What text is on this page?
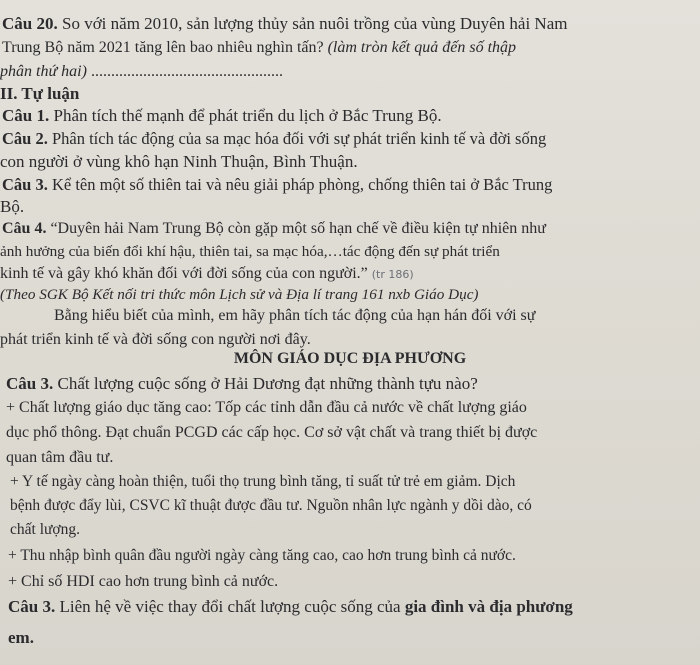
Câu 20. So với năm 2010, sản lượng thủy sản nuôi trồng của vùng Duyên hải Nam
Trung Bộ năm 2021 tăng lên bao nhiêu nghìn tấn? (làm tròn kết quả đến số thập
phân thứ hai) ................................................
II. Tự luận
Câu 1. Phân tích thế mạnh để phát triển du lịch ở Bắc Trung Bộ.
Câu 2. Phân tích tác động của sa mạc hóa đối với sự phát triển kinh tế và đời sống
con người ở vùng khô hạn Ninh Thuận, Bình Thuận.
Câu 3. Kể tên một số thiên tai và nêu giải pháp phòng, chống thiên tai ở Bắc Trung
Bộ.
Câu 4. “Duyên hải Nam Trung Bộ còn gặp một số hạn chế về điều kiện tự nhiên như
ảnh hưởng của biến đổi khí hậu, thiên tai, sa mạc hóa,…tác động đến sự phát triển
kinh tế và gây khó khăn đối với đời sống của con người.” (tr 186)
(Theo SGK Bộ Kết nối tri thức môn Lịch sử và Địa lí trang 161 nxb Giáo Dục)
Bằng hiểu biết của mình, em hãy phân tích tác động của hạn hán đối với sự
phát triển kinh tế và đời sống con người nơi đây.
MÔN GIÁO DỤC ĐỊA PHƯƠNG
Câu 3. Chất lượng cuộc sống ở Hải Dương đạt những thành tựu nào?
+ Chất lượng giáo dục tăng cao: Tốp các tỉnh dẫn đầu cả nước về chất lượng giáo
dục phổ thông. Đạt chuẩn PCGD các cấp học. Cơ sở vật chất và trang thiết bị được
quan tâm đầu tư.
+ Y tế ngày càng hoàn thiện, tuổi thọ trung bình tăng, tỉ suất tử trẻ em giảm. Dịch
bệnh được đẩy lùi, CSVC kĩ thuật được đầu tư. Nguồn nhân lực ngành y dồi dào, có
chất lượng.
+ Thu nhập bình quân đầu người ngày càng tăng cao, cao hơn trung bình cả nước.
+ Chỉ số HDI cao hơn trung bình cả nước.
Câu 3. Liên hệ về việc thay đổi chất lượng cuộc sống của gia đình và địa phương
em.
